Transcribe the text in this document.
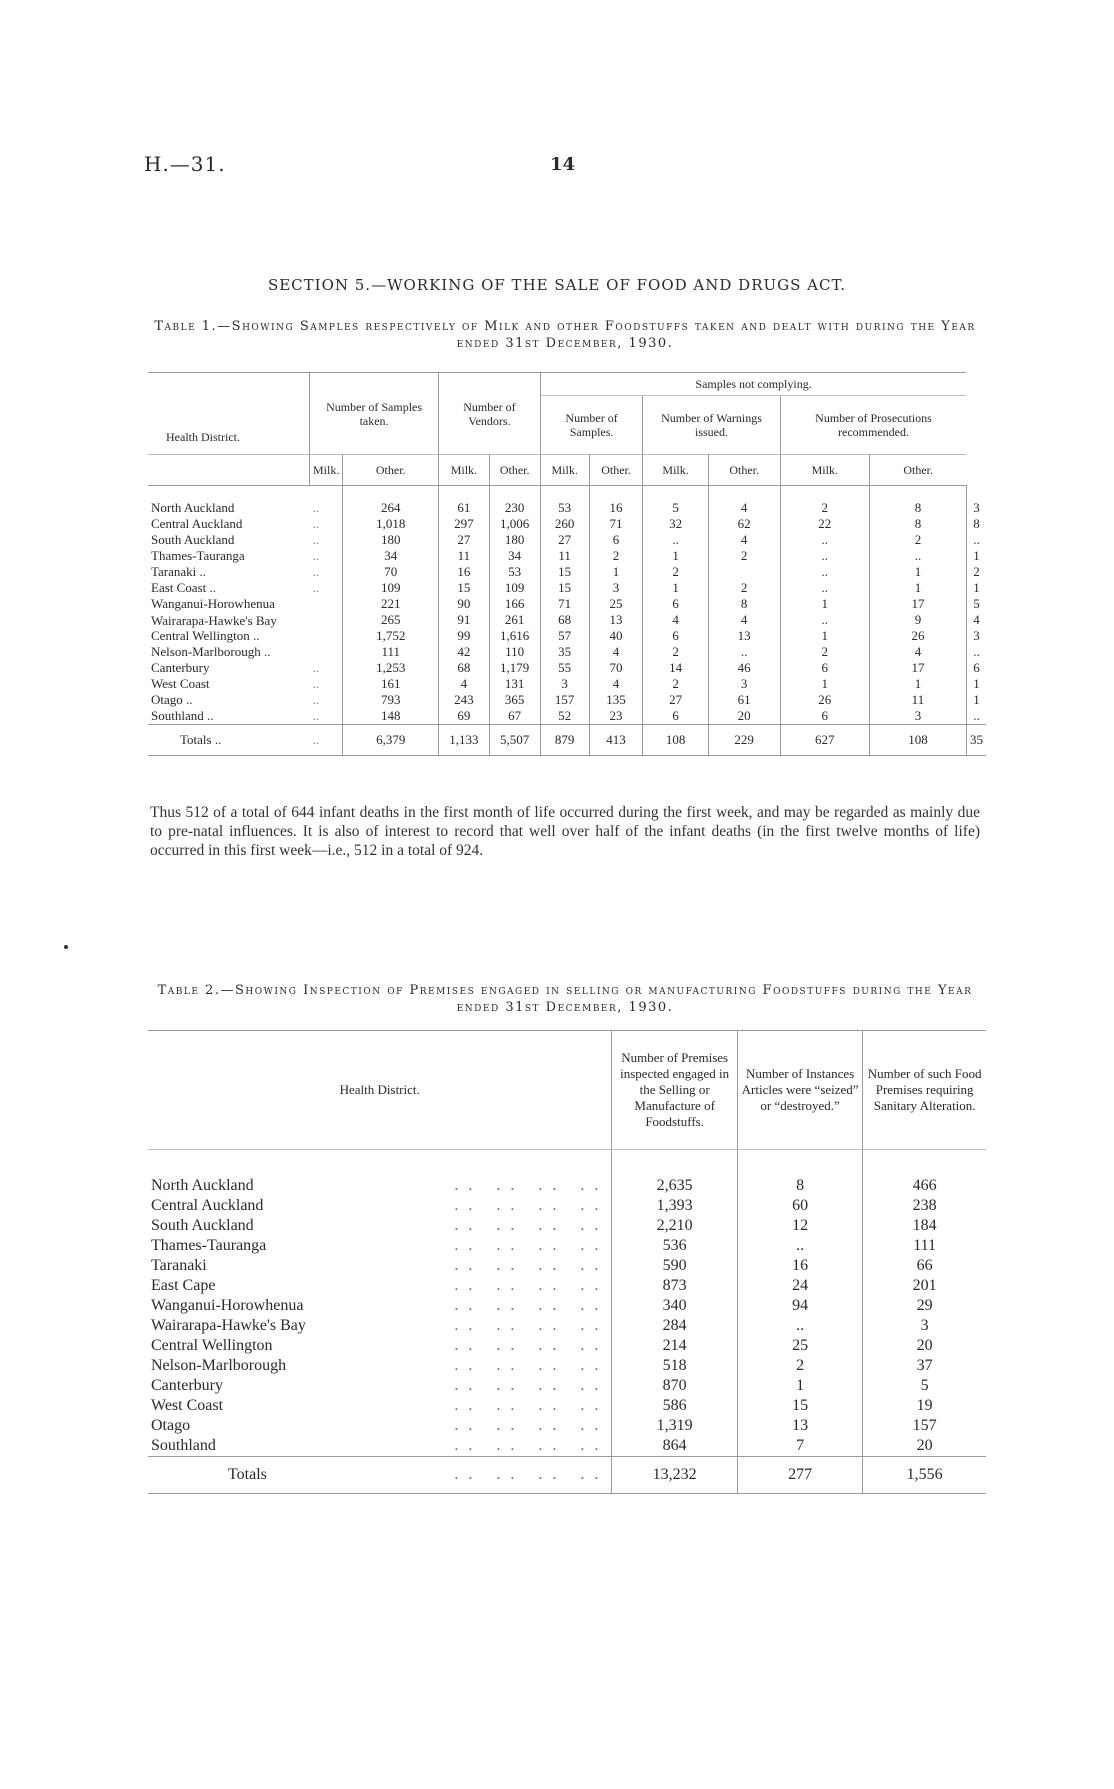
H.—31.	14
SECTION 5.—WORKING OF THE SALE OF FOOD AND DRUGS ACT.
Table 1.—Showing Samples respectively of Milk and other Foodstuffs taken and dealt with during the Year ended 31st December, 1930.
Health District.	Number of Samples taken.		Number of Vendors.		Samples not complying.						
					Number of Samples.		Number of Warnings issued.		Number of Prosecutions recommended.		
	Milk.	Other.	Milk.	Other.	Milk.	Other.	Milk.	Other.	Milk.	Other.	
North Auckland	..	264	61	230	53	16	5	4	2	8	3
Central Auckland	..	1,018	297	1,006	260	71	32	62	22	8	8
South Auckland	..	180	27	180	27	6	..	4	..	2	..
Thames-Tauranga	..	34	11	34	11	2	1	2	..	..	1
Taranaki ..	..	70	16	53	15	1	2		..	1	2
East Coast ..	..	109	15	109	15	3	1	2	..	1	1
Wanganui-Horowhenua		221	90	166	71	25	6	8	1	17	5
Wairarapa-Hawke's Bay		265	91	261	68	13	4	4	..	9	4
Central Wellington ..		1,752	99	1,616	57	40	6	13	1	26	3
Nelson-Marlborough ..		111	42	110	35	4	2	..	2	4	..
Canterbury	..	1,253	68	1,179	55	70	14	46	6	17	6
West Coast	..	161	4	131	3	4	2	3	1	1	1
Otago ..	..	793	243	365	157	135	27	61	26	11	1
Southland ..	..	148	69	67	52	23	6	20	6	3	..
Totals ..	..	6,379	1,133	5,507	879	413	108	229	627	108	35
Thus 512 of a total of 644 infant deaths in the first month of life occurred during the first week, and may be regarded as mainly due to pre-natal influences. It is also of interest to record that well over half of the infant deaths (in the first twelve months of life) occurred in this first week—i.e., 512 in a total of 924.
Table 2.—Showing Inspection of Premises engaged in selling or manufacturing Foodstuffs during the Year ended 31st December, 1930.
Health District.	Number of Premises inspected engaged in the Selling or Manufacture of Foodstuffs.	Number of Instances Articles were “seized” or “destroyed.”	Number of such Food Premises requiring Sanitary Alteration.
North Auckland .. .. .. ..	2,635	8	466
Central Auckland .. .. .. ..	1,393	60	238
South Auckland .. .. .. ..	2,210	12	184
Thames-Tauranga .. .. .. ..	536	..	111
Taranaki .. .. .. ..	590	16	66
East Cape .. .. .. ..	873	24	201
Wanganui-Horowhenua .. .. .. ..	340	94	29
Wairarapa-Hawke's Bay .. .. .. ..	284	..	3
Central Wellington .. .. .. ..	214	25	20
Nelson-Marlborough .. .. .. ..	518	2	37
Canterbury .. .. .. ..	870	1	5
West Coast .. .. .. ..	586	15	19
Otago .. .. .. ..	1,319	13	157
Southland .. .. .. ..	864	7	20
Totals .. .. .. ..	13,232	277	1,556
